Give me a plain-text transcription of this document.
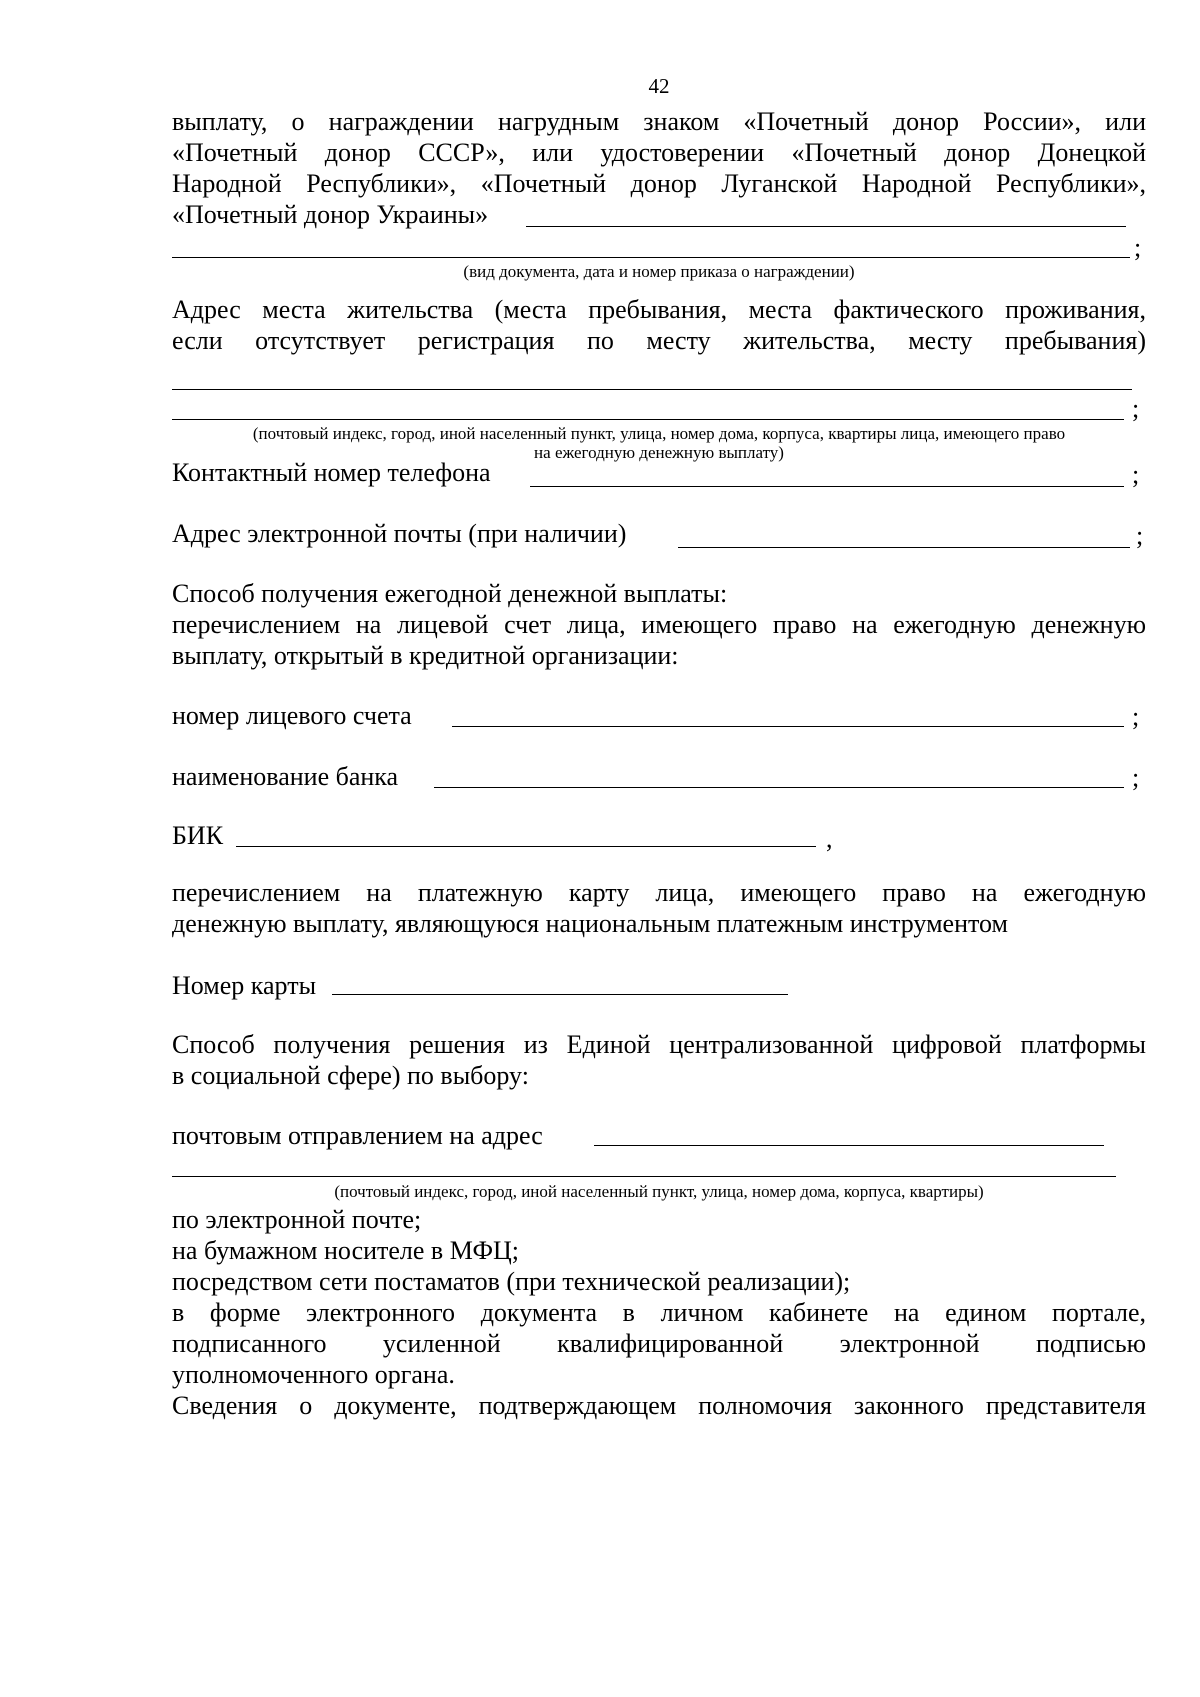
42
выплату, о награждении нагрудным знаком «Почетный донор России», или
«Почетный донор СССР», или удостоверении «Почетный донор Донецкой
Народной Республики», «Почетный донор Луганской Народной Республики»,
«Почетный донор Украины»
;
(вид документа, дата и номер приказа о награждении)
Адрес места жительства (места пребывания, места фактического проживания,
если отсутствует регистрация по месту жительства, месту пребывания)
;
(почтовый индекс, город, иной населенный пункт, улица, номер дома, корпуса, квартиры лица, имеющего право
на ежегодную денежную выплату)
Контактный номер телефона	;
Адрес электронной почты (при наличии)	;
Способ получения ежегодной денежной выплаты:
перечислением на лицевой счет лица, имеющего право на ежегодную денежную
выплату, открытый в кредитной организации:
номер лицевого счета	;
наименование банка	;
БИК	,
перечислением на платежную карту лица, имеющего право на ежегодную
денежную выплату, являющуюся национальным платежным инструментом
Номер карты
Способ получения решения из Единой централизованной цифровой платформы
в социальной сфере) по выбору:
почтовым отправлением на адрес
(почтовый индекс, город, иной населенный пункт, улица, номер дома, корпуса, квартиры)
по электронной почте;
на бумажном носителе в МФЦ;
посредством сети постаматов (при технической реализации);
в форме электронного документа в личном кабинете на едином портале,
подписанного усиленной квалифицированной электронной подписью
уполномоченного органа.
Сведения о документе, подтверждающем полномочия законного представителя
